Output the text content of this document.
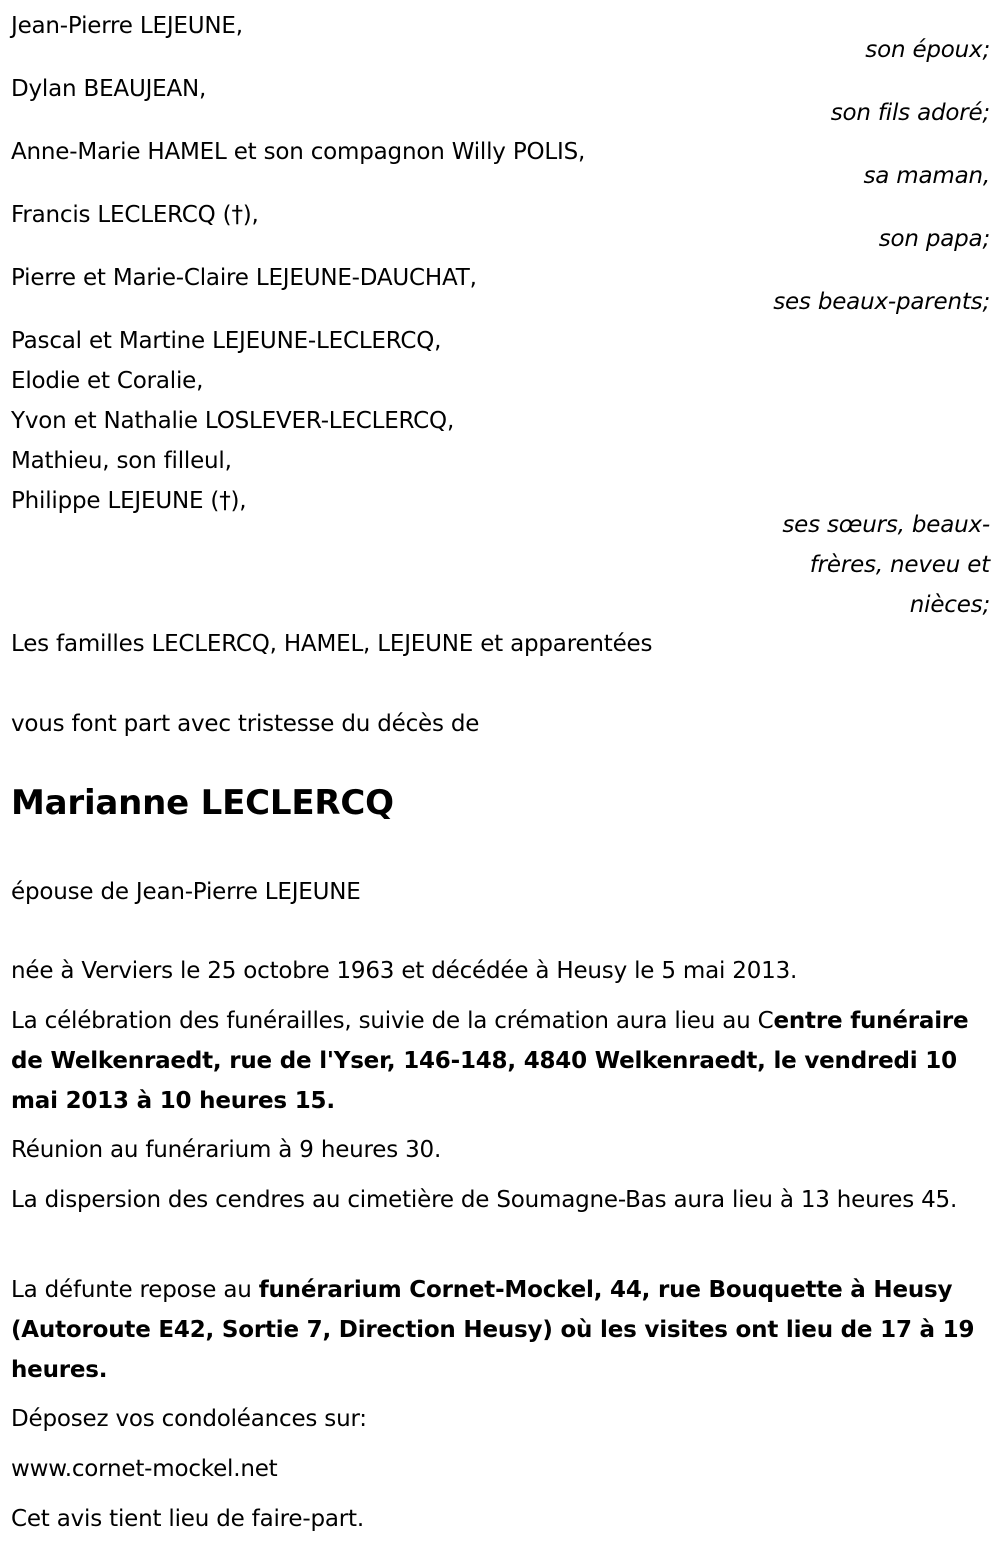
Jean-Pierre LEJEUNE,
son époux;
Dylan BEAUJEAN,
son fils adoré;
Anne-Marie HAMEL et son compagnon Willy POLIS,
sa maman,
Francis LECLERCQ (†),
son papa;
Pierre et Marie-Claire LEJEUNE-DAUCHAT,
ses beaux-parents;
Pascal et Martine LEJEUNE-LECLERCQ,
Elodie et Coralie,
Yvon et Nathalie LOSLEVER-LECLERCQ,
Mathieu, son filleul,
Philippe LEJEUNE (†),
ses sœurs, beaux-frères, neveu et nièces;
Les familles LECLERCQ, HAMEL, LEJEUNE et apparentées
vous font part avec tristesse du décès de
Marianne LECLERCQ
épouse de Jean-Pierre LEJEUNE
née à Verviers le 25 octobre 1963 et décédée à Heusy le 5 mai 2013.
La célébration des funérailles, suivie de la crémation aura lieu au Centre funéraire de Welkenraedt, rue de l'Yser, 146-148, 4840 Welkenraedt, le vendredi 10 mai 2013 à 10 heures 15.
Réunion au funérarium à 9 heures 30.
La dispersion des cendres au cimetière de Soumagne-Bas aura lieu à 13 heures 45.
La défunte repose au funérarium Cornet-Mockel, 44, rue Bouquette à Heusy (Autoroute E42, Sortie 7, Direction Heusy) où les visites ont lieu de 17 à 19 heures.
Déposez vos condoléances sur:
www.cornet-mockel.net
Cet avis tient lieu de faire-part.
